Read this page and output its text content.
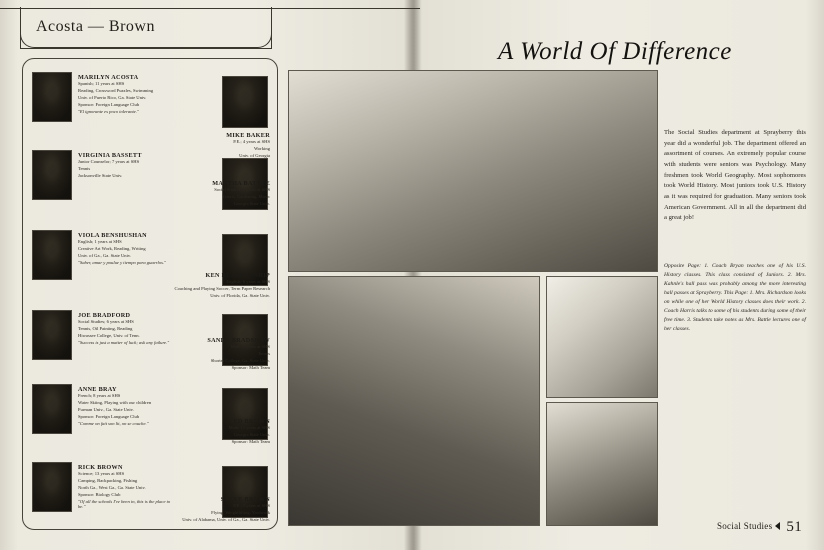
Acosta — Brown
MARILYN ACOSTA
Spanish; 11 years at SHS
Reading, Crossword Puzzles, Swimming
Univ. of Puerto Rico, Ga. State Univ.
Sponsor: Foreign Language Club
"El ignorante es poco tolerante."
MIKE BAKER
P.E.; 4 years at SHS
Working
Univ. of Georgia
VIRGINIA BASSETT
Junior Counselor; 7 years at SHS
Tennis
Jacksonville State Univ.
MARTHA BATTLE
Social Studies; 3 years at SHS
Tennis, Gardening, Music
Georgia State Univ.
VIOLA BENSHUSHAN
English; 1 years at SHS
Creative Art Work, Reading, Writing
Univ. of Ga., Ga. State Univ.
"Saber, amar y poulue y tiempo para guaerlos."
KEN BLANKENSHIP
English; 6 years at SHS
Coaching and Playing Soccer, Term Paper Research
Univ. of Florida, Ga. State Univ.
JOE BRADFORD
Social Studies; 6 years at SHS
Tennis, Oil Painting, Reading
Hiwassee College, Univ. of Tenn.
"Success is just a matter of luck; ask any failure."	SANDY BRADSHAW
Math; 6 years at SHS
Tennis
Shorter College, Ga. State Univ.
Sponsor: Math Team
ANNE BRAY
French; 8 years at SHS
Water Skiing, Playing with our children
Furman Univ., Ga. State Univ.
Sponsor: Foreign Language Club
"Comme on fait son lit, on se couche."	ED BROWN
Math; 11 years at SHS
Georgia State Univ.
Sponsor: Math Team
RICK BROWN
Science; 13 years at SHS
Camping, Backpacking, Fishing
North Ga., West Ga., Ga. State Univ.
Sponsor: Biology Club
"Of all the schools I've been in, this is the place to be."
STEVE BROWN
P.E.; 5 years at SHS
Flying, Weightlifting, Yardwork
Univ. of Alabama, Univ. of Ga., Ga. State Univ.
A World Of Difference
The Social Studies department at Sprayberry this year did a wonderful job. The department offered an assortment of courses. An extremely popular course with students were seniors was Psychology. Many freshmen took World Geography. Most sophomores took World History. Most juniors took U.S. History as it was required for graduation. Many seniors took American Government. All in all the department did a great job!
Opposite Page: 1. Coach Bryan teaches one of his U.S. History classes. This class consisted of Juniors. 2. Mrs. Kahnle's hall pass was probably among the more interesting hall passes at Sprayberry. This Page: 1. Mrs. Richardson looks on while one of her World History classes does their work. 2. Coach Harris talks to some of his students during some of their free time. 3. Students take notes as Mrs. Battle lectures one of her classes.
Social Studies 51
